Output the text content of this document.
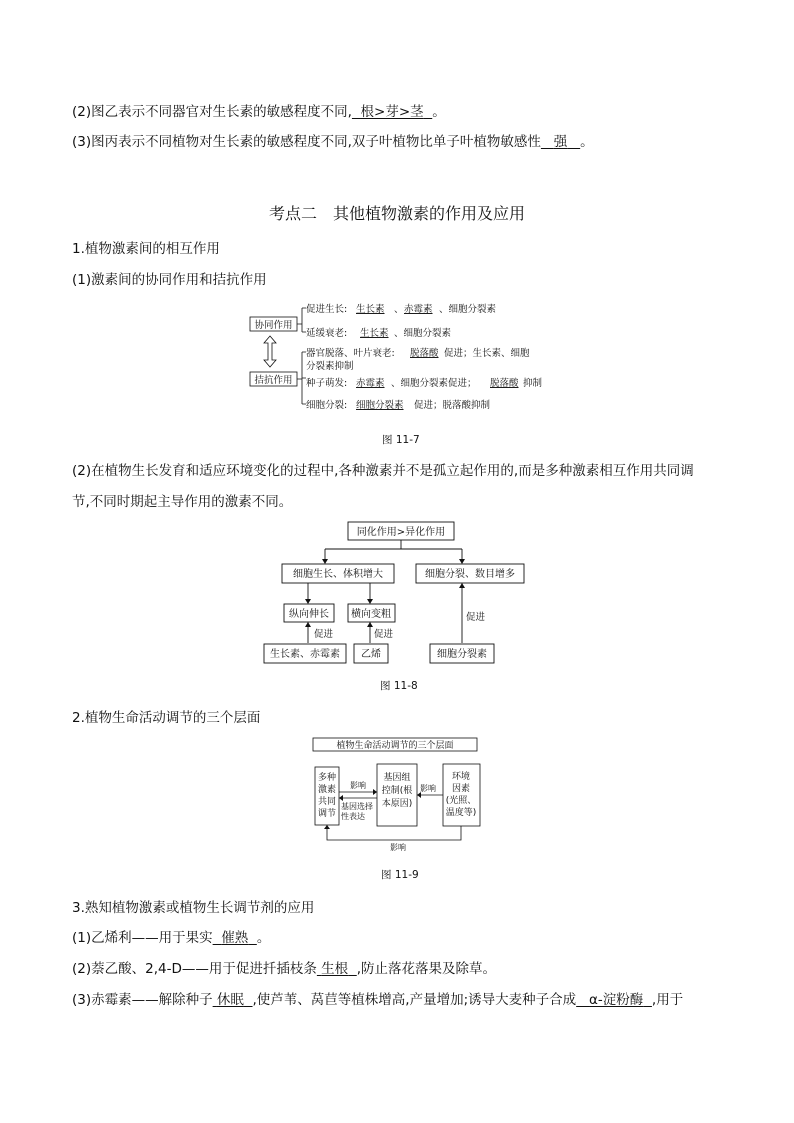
(2)图乙表示不同器官对生长素的敏感程度不同, 根>芽>茎 。
(3)图丙表示不同植物对生长素的敏感程度不同,双子叶植物比单子叶植物敏感性 强 。
考点二　其他植物激素的作用及应用
1.植物激素间的相互作用
(1)激素间的协同作用和拮抗作用
协同作用
拮抗作用
促进生长: 生长素 、 赤霉素 、细胞分裂素
延缓衰老: 生长素 、细胞分裂素
器官脱落、叶片衰老: 脱落酸 促进；生长素、细胞
分裂素抑制
种子萌发: 赤霉素 、细胞分裂素促进； 脱落酸 抑制
细胞分裂: 细胞分裂素 促进；脱落酸抑制
图 11-7
(2)在植物生长发育和适应环境变化的过程中,各种激素并不是孤立起作用的,而是多种激素相互作用共同调
节,不同时期起主导作用的激素不同。
同化作用>异化作用
细胞生长、体积增大	细胞分裂、数目增多
纵向伸长 横向变粗
促进	促进
促进
生长素、赤霉素 乙烯	细胞分裂素
图 11-8
2.植物生命活动调节的三个层面
植物生命活动调节的三个层面
多种
激素
共同
调节
基因组
控制(根
本原因)
环境
因素
(光照、
温度等)
影响
基因选择
性表达
影响
影响
图 11-9
3.熟知植物激素或植物生长调节剂的应用
(1)乙烯利——用于果实 催熟 。
(2)萘乙酸、2,4-D——用于促进扦插枝条 生根 ,防止落花落果及除草。
(3)赤霉素——解除种子 休眠 ,使芦苇、莴苣等植株增高,产量增加;诱导大麦种子合成 α-淀粉酶 ,用于
